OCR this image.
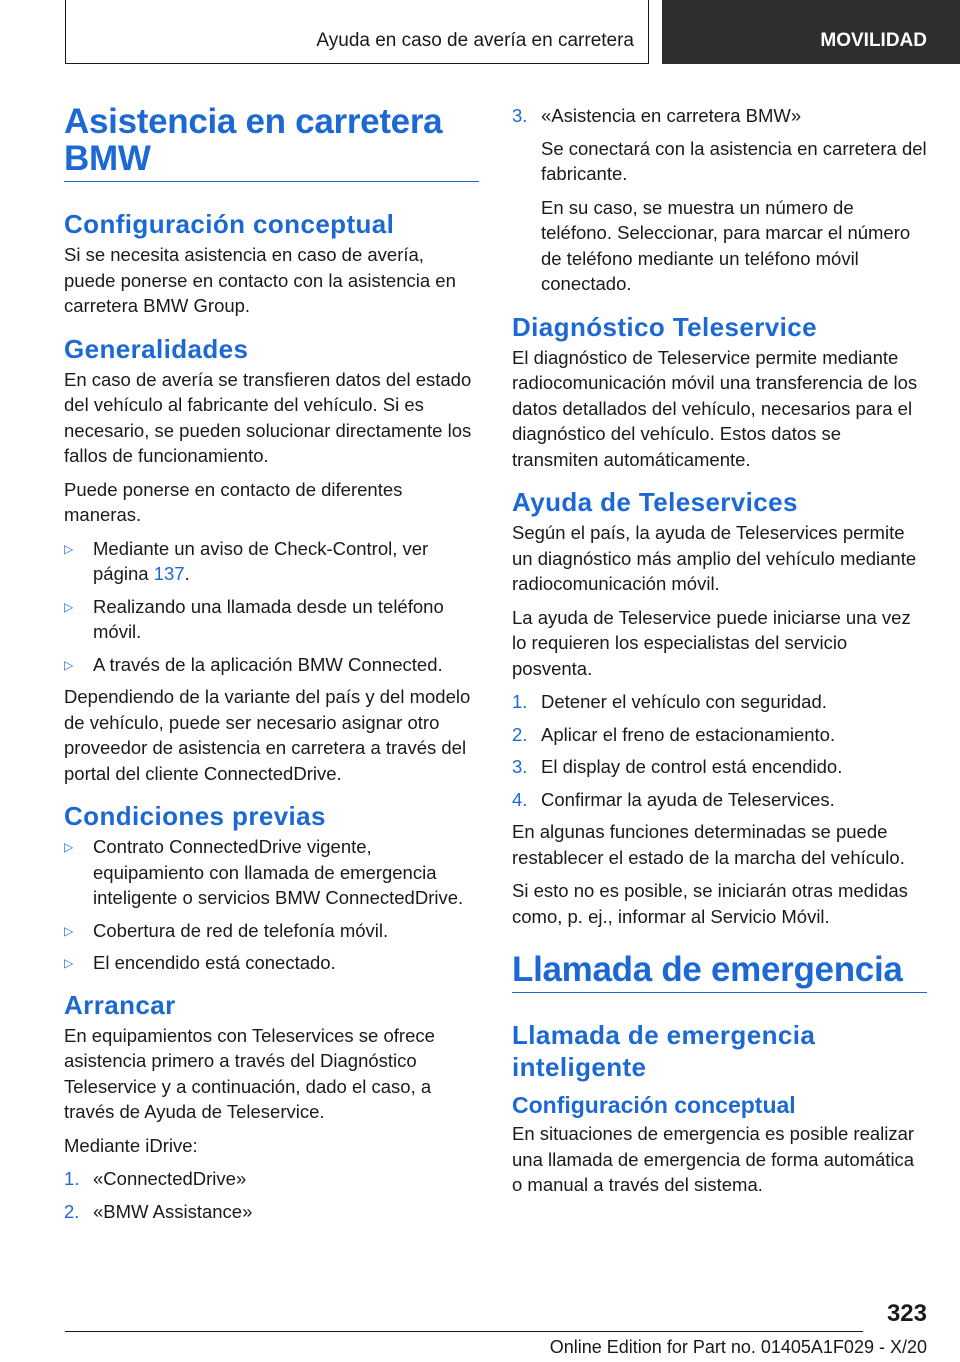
Ayuda en caso de avería en carretera	MOVILIDAD
Asistencia en carretera BMW
Configuración conceptual

Si se necesita asistencia en caso de avería, puede ponerse en contacto con la asistencia en carretera BMW Group.

Generalidades

En caso de avería se transfieren datos del estado del vehículo al fabricante del vehículo. Si es necesario, se pueden solucionar directamente los fallos de funcionamiento.

Puede ponerse en contacto de diferentes maneras.

▷ Mediante un aviso de Check-Control, ver página 137.
▷ Realizando una llamada desde un teléfono móvil.
▷ A través de la aplicación BMW Connected.

Dependiendo de la variante del país y del modelo de vehículo, puede ser necesario asignar otro proveedor de asistencia en carretera a través del portal del cliente ConnectedDrive.

Condiciones previas
▷ Contrato ConnectedDrive vigente, equipamiento con llamada de emergencia inteligente o servicios BMW ConnectedDrive.
▷ Cobertura de red de telefonía móvil.
▷ El encendido está conectado.
Arrancar

En equipamientos con Teleservices se ofrece asistencia primero a través del Diagnóstico Teleservice y a continuación, dado el caso, a través de Ayuda de Teleservice.

Mediante iDrive:

1. «ConnectedDrive»
2. «BMW Assistance»
3. «Asistencia en carretera BMW»

Se conectará con la asistencia en carretera del fabricante.

En su caso, se muestra un número de teléfono. Seleccionar, para marcar el número de teléfono mediante un teléfono móvil conectado.

Diagnóstico Teleservice

El diagnóstico de Teleservice permite mediante radiocomunicación móvil una transferencia de los datos detallados del vehículo, necesarios para el diagnóstico del vehículo. Estos datos se transmiten automáticamente.

Ayuda de Teleservices

Según el país, la ayuda de Teleservices permite un diagnóstico más amplio del vehículo mediante radiocomunicación móvil.

La ayuda de Teleservice puede iniciarse una vez lo requieren los especialistas del servicio posventa.

1. Detener el vehículo con seguridad.
2. Aplicar el freno de estacionamiento.
3. El display de control está encendido.
4. Confirmar la ayuda de Teleservices.

En algunas funciones determinadas se puede restablecer el estado de la marcha del vehículo.

Si esto no es posible, se iniciarán otras medidas como, p. ej., informar al Servicio Móvil.

Llamada de emergencia
Llamada de emergencia inteligente
Configuración conceptual

En situaciones de emergencia es posible realizar una llamada de emergencia de forma automática o manual a través del sistema.

323
Online Edition for Part no. 01405A1F029 - X/20
